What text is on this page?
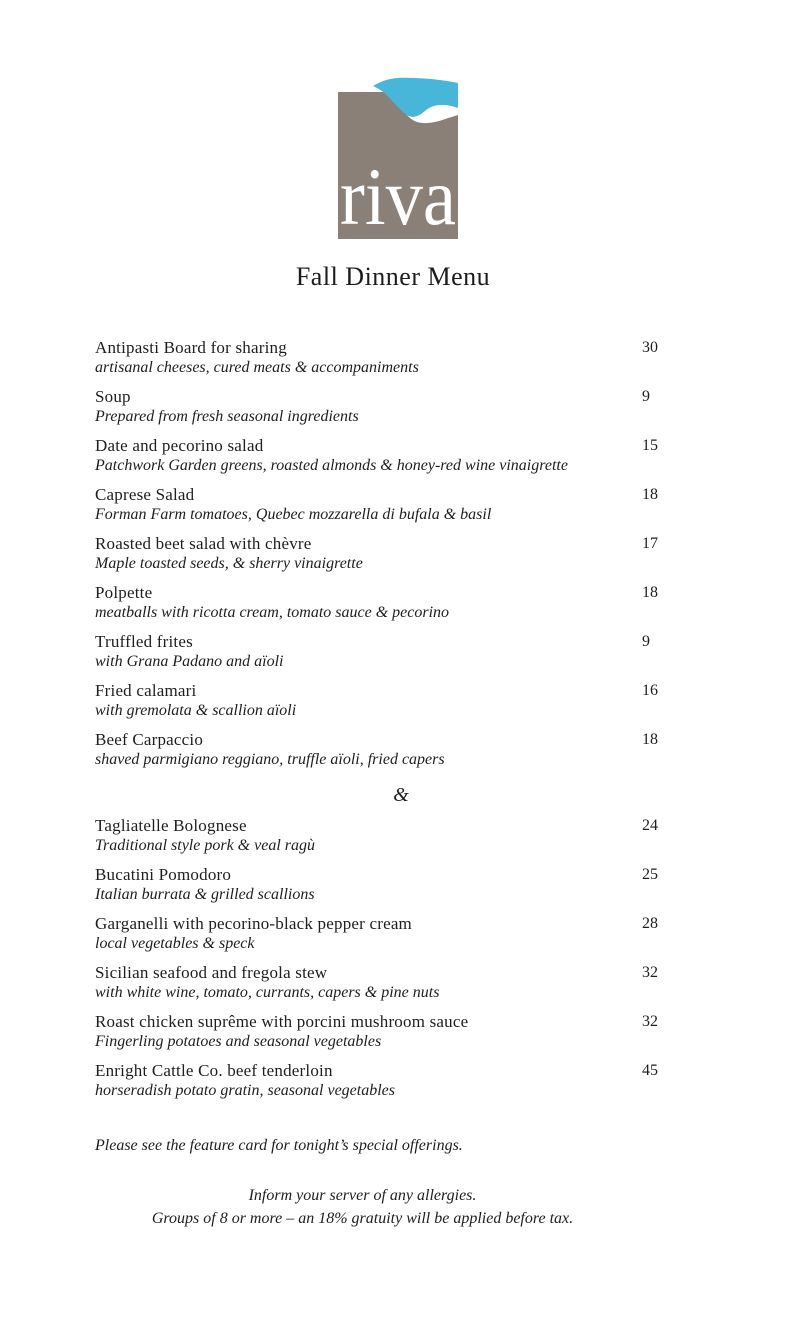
riva
Fall Dinner Menu
Antipasti Board for sharing
artisanal cheeses, cured meats & accompaniments
30
Soup
Prepared from fresh seasonal ingredients
9
Date and pecorino salad
Patchwork Garden greens, roasted almonds & honey-red wine vinaigrette
15
Caprese Salad
Forman Farm tomatoes, Quebec mozzarella di bufala & basil
18
Roasted beet salad with chèvre
Maple toasted seeds, & sherry vinaigrette
17
Polpette
meatballs with ricotta cream, tomato sauce & pecorino
18
Truffled frites
with Grana Padano and aïoli
9
Fried calamari
with gremolata & scallion aïoli
16
Beef Carpaccio
shaved parmigiano reggiano, truffle aïoli, fried capers
18
&
Tagliatelle Bolognese
Traditional style pork & veal ragù
24
Bucatini Pomodoro
Italian burrata & grilled scallions
25
Garganelli with pecorino-black pepper cream
local vegetables & speck
28
Sicilian seafood and fregola stew
with white wine, tomato, currants, capers & pine nuts
32
Roast chicken suprême with porcini mushroom sauce
Fingerling potatoes and seasonal vegetables
32
Enright Cattle Co. beef tenderloin
horseradish potato gratin, seasonal vegetables
45
Please see the feature card for tonight’s special offerings.
Inform your server of any allergies.
Groups of 8 or more – an 18% gratuity will be applied before tax.
